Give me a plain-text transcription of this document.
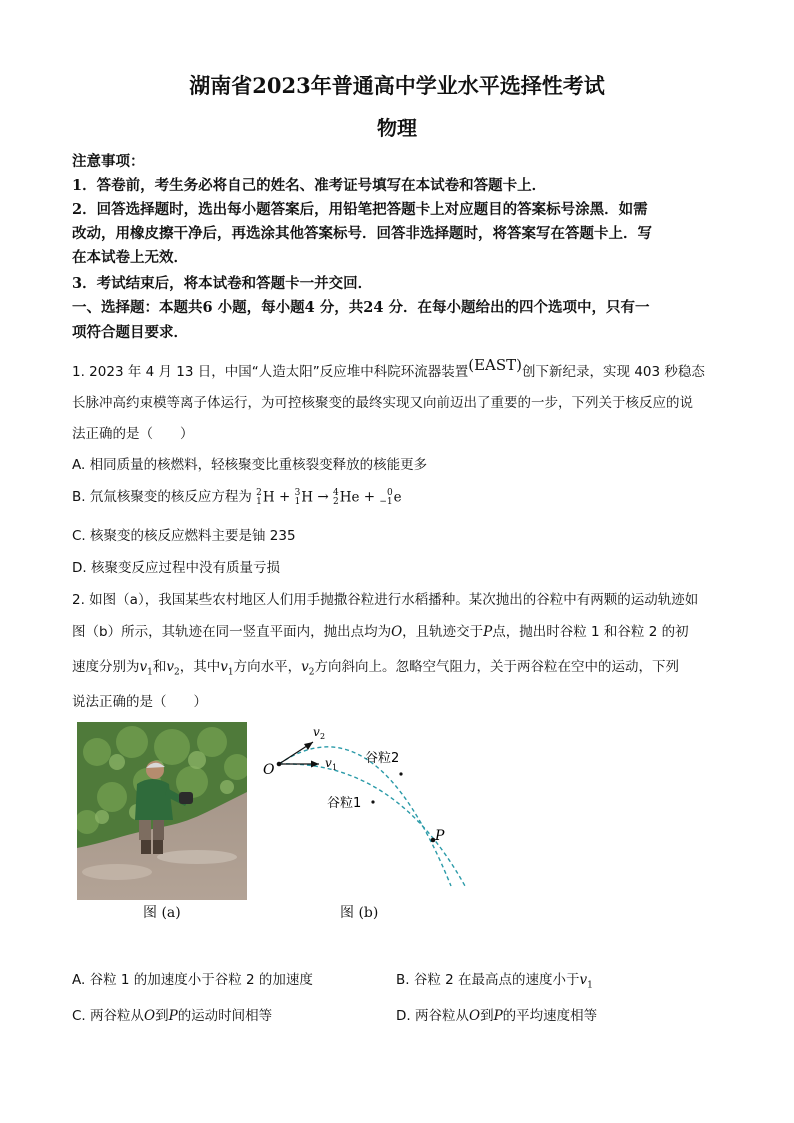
湖南省2023年普通高中学业水平选择性考试
物理
注意事项：
1．答卷前，考生务必将自己的姓名、准考证号填写在本试卷和答题卡上．
2．回答选择题时，选出每小题答案后，用铅笔把答题卡上对应题目的答案标号涂黑．如需
改动，用橡皮擦干净后，再选涂其他答案标号．回答非选择题时，将答案写在答题卡上．写
在本试卷上无效．
3．考试结束后，将本试卷和答题卡一并交回．
一、选择题：本题共6 小题，每小题4 分，共24 分．在每小题给出的四个选项中，只有一
项符合题目要求．
1. 2023 年 4 月 13 日，中国“人造太阳”反应堆中科院环流器装置(EAST)创下新纪录，实现 403 秒稳态
长脉冲高约束模等离子体运行，为可控核聚变的最终实现又向前迈出了重要的一步，下列关于核反应的说
法正确的是（　　）
A. 相同质量的核燃料，轻核聚变比重核裂变释放的核能更多
B. 氘氚核聚变的核反应方程为 2
1 H + 3
1 H → 4
2 He +	0
−1 e
C. 核聚变的核反应燃料主要是铀 235
D. 核聚变反应过程中没有质量亏损
2. 如图（a），我国某些农村地区人们用手抛撒谷粒进行水稻播种。某次抛出的谷粒中有两颗的运动轨迹如
图（b）所示，其轨迹在同一竖直平面内，抛出点均为O，且轨迹交于P点，抛出时谷粒 1 和谷粒 2 的初
速度分别为$v_1$和$v_2$，其中$v_1$方向水平，$v_2$方向斜向上。忽略空气阻力，关于两谷粒在空中的运动，下列
说法正确的是（　　）
图 (a)
O
P
v 1
v 2
谷粒1
谷粒2
图 (b)
A. 谷粒 1 的加速度小于谷粒 2 的加速度	B. 谷粒 2 在最高点的速度小于$v_1$
C. 两谷粒从O到P的运动时间相等	D. 两谷粒从O到P的平均速度相等
